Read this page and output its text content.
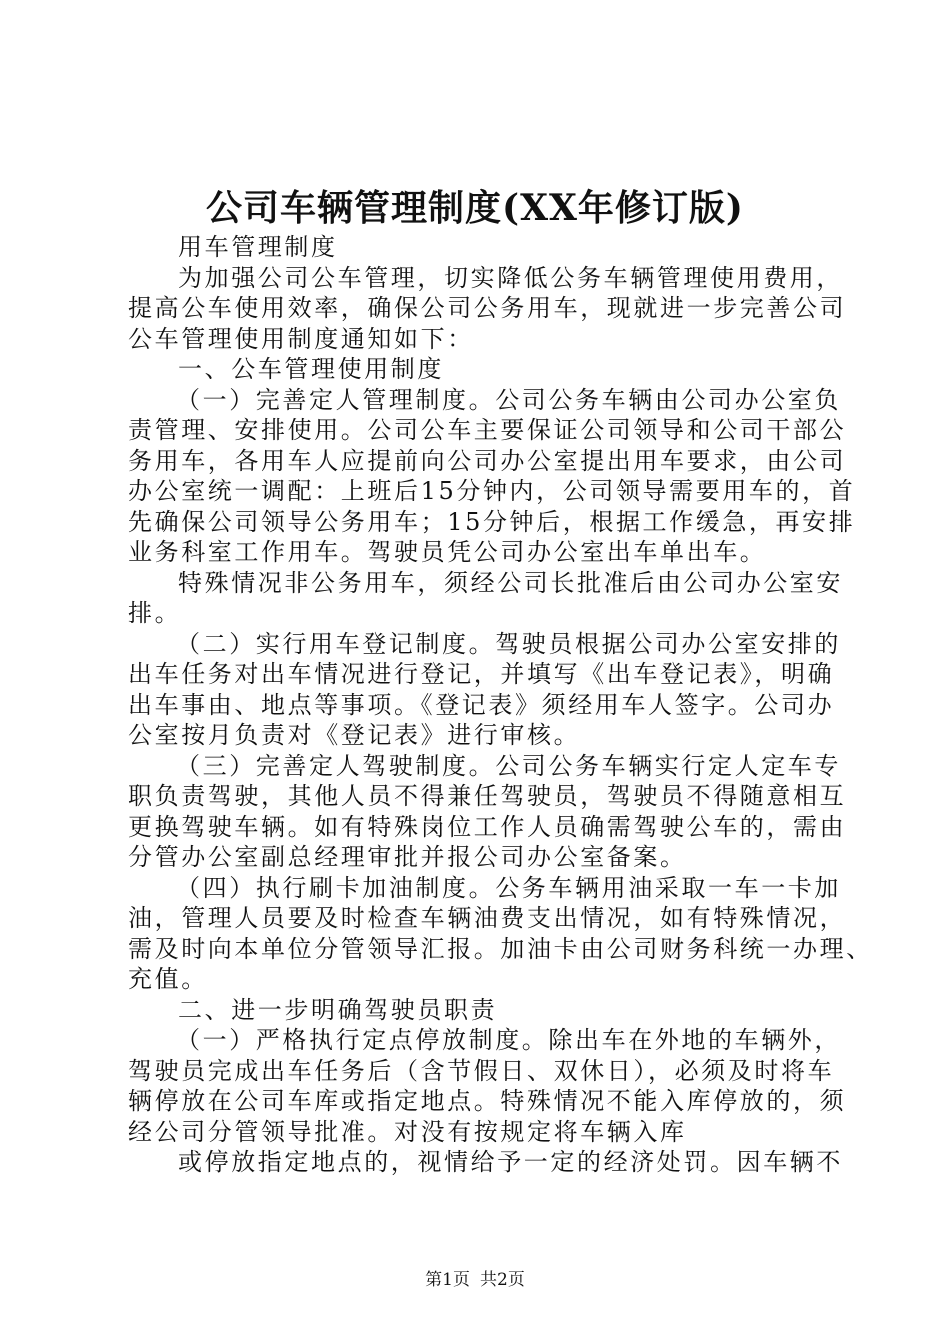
公司车辆管理制度(XX年修订版)
用车管理制度
为加强公司公车管理，切实降低公务车辆管理使用费用，
提高公车使用效率，确保公司公务用车，现就进一步完善公司
公车管理使用制度通知如下：
一、公车管理使用制度
（一）完善定人管理制度。公司公务车辆由公司办公室负
责管理、安排使用。公司公车主要保证公司领导和公司干部公
务用车，各用车人应提前向公司办公室提出用车要求，由公司
办公室统一调配：上班后15分钟内，公司领导需要用车的，首
先确保公司领导公务用车；15分钟后，根据工作缓急，再安排
业务科室工作用车。驾驶员凭公司办公室出车单出车。
特殊情况非公务用车，须经公司长批准后由公司办公室安
排。
（二）实行用车登记制度。驾驶员根据公司办公室安排的
出车任务对出车情况进行登记，并填写《出车登记表》，明确
出车事由、地点等事项。《登记表》须经用车人签字。公司办
公室按月负责对《登记表》进行审核。
（三）完善定人驾驶制度。公司公务车辆实行定人定车专
职负责驾驶，其他人员不得兼任驾驶员，驾驶员不得随意相互
更换驾驶车辆。如有特殊岗位工作人员确需驾驶公车的，需由
分管办公室副总经理审批并报公司办公室备案。
（四）执行刷卡加油制度。公务车辆用油采取一车一卡加
油，管理人员要及时检查车辆油费支出情况，如有特殊情况，
需及时向本单位分管领导汇报。加油卡由公司财务科统一办理、
充值。
二、进一步明确驾驶员职责
（一）严格执行定点停放制度。除出车在外地的车辆外，
驾驶员完成出车任务后（含节假日、双休日），必须及时将车
辆停放在公司车库或指定地点。特殊情况不能入库停放的，须
经公司分管领导批准。对没有按规定将车辆入库
或停放指定地点的，视情给予一定的经济处罚。因车辆不
第1页 共2页
